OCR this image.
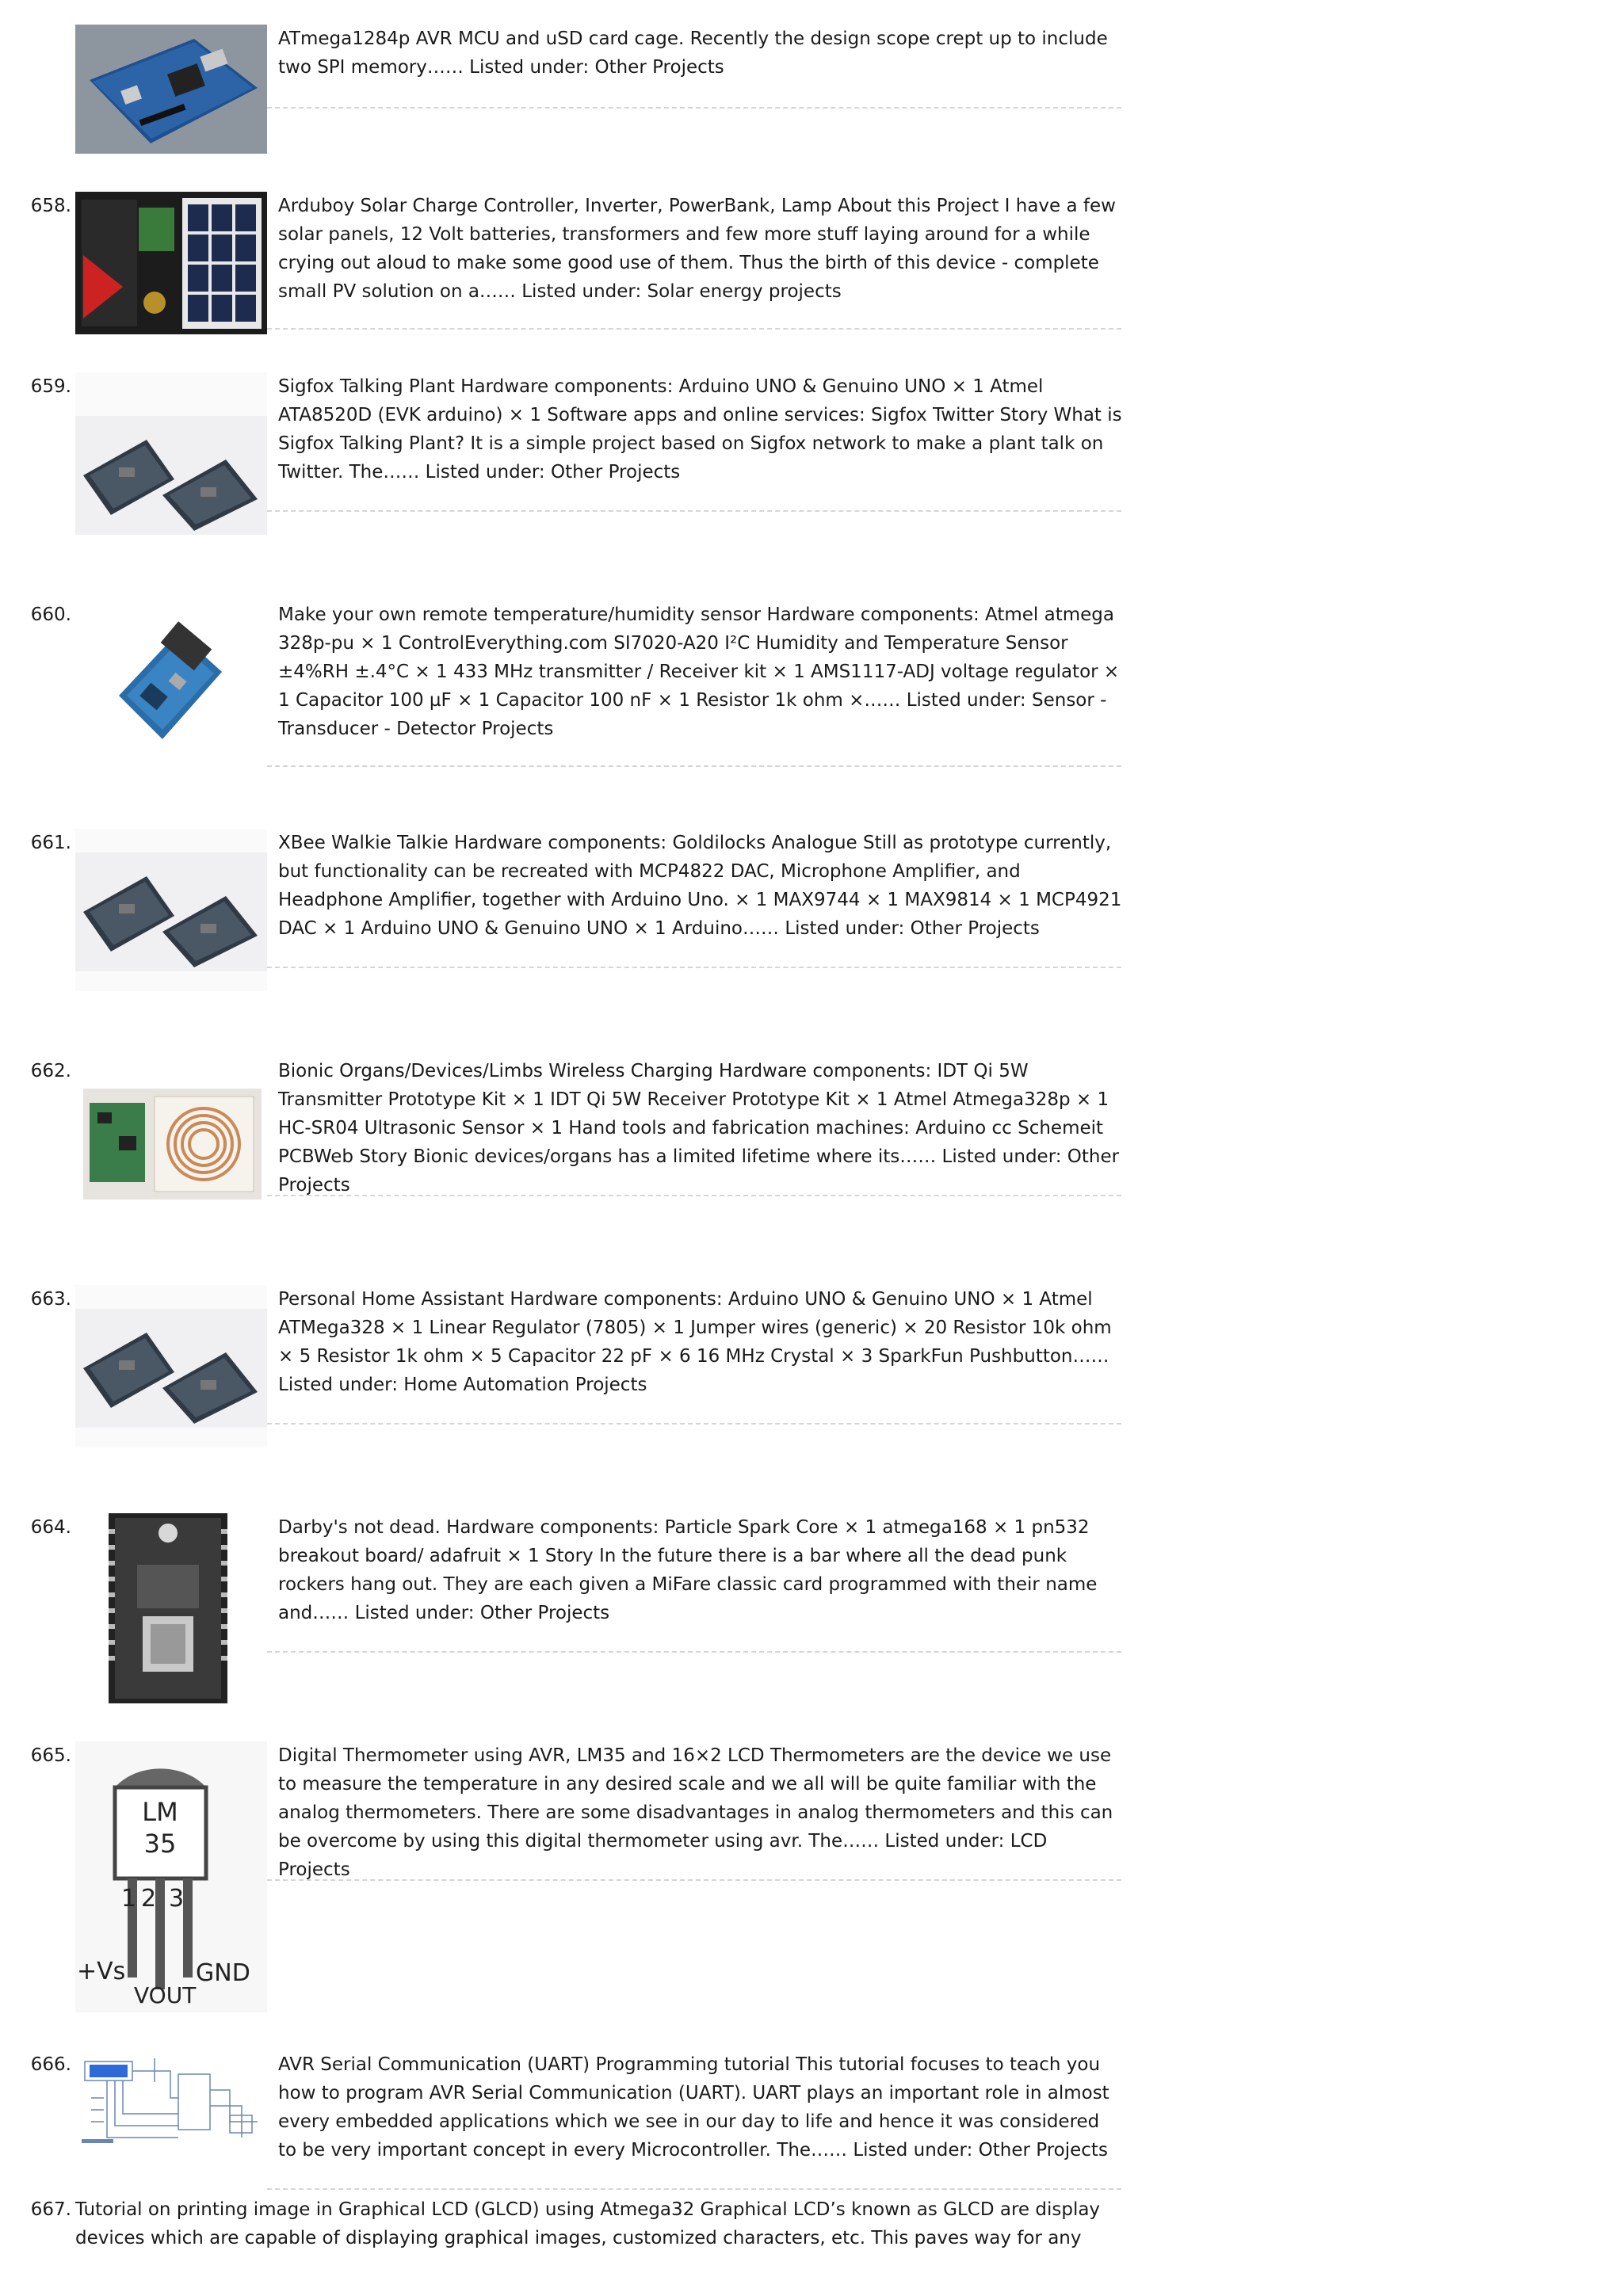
ATmega1284p AVR MCU and uSD card cage. Recently the design scope crept up to include two SPI memory…… Listed under: Other Projects
658.	Arduboy Solar Charge Controller, Inverter, PowerBank, Lamp About this Project I have a few solar panels, 12 Volt batteries, transformers and few more stuff laying around for a while crying out aloud to make some good use of them. Thus the birth of this device - complete small PV solution on a…… Listed under: Solar energy projects
659.	Sigfox Talking Plant Hardware components: Arduino UNO & Genuino UNO × 1 Atmel ATA8520D (EVK arduino) × 1 Software apps and online services: Sigfox Twitter Story What is Sigfox Talking Plant? It is a simple project based on Sigfox network to make a plant talk on Twitter. The…… Listed under: Other Projects
660.	Make your own remote temperature/humidity sensor Hardware components: Atmel atmega 328p-pu × 1 ControlEverything.com SI7020-A20 I²C Humidity and Temperature Sensor ±4%RH ±.4°C × 1 433 MHz transmitter / Receiver kit × 1 AMS1117-ADJ voltage regulator × 1 Capacitor 100 µF × 1 Capacitor 100 nF × 1 Resistor 1k ohm ×…… Listed under: Sensor - Transducer - Detector Projects
661.	XBee Walkie Talkie Hardware components: Goldilocks Analogue Still as prototype currently, but functionality can be recreated with MCP4822 DAC, Microphone Amplifier, and Headphone Amplifier, together with Arduino Uno. × 1 MAX9744 × 1 MAX9814 × 1 MCP4921 DAC × 1 Arduino UNO & Genuino UNO × 1 Arduino…… Listed under: Other Projects
662.	Bionic Organs/Devices/Limbs Wireless Charging Hardware components: IDT Qi 5W Transmitter Prototype Kit × 1 IDT Qi 5W Receiver Prototype Kit × 1 Atmel Atmega328p × 1 HC-SR04 Ultrasonic Sensor × 1 Hand tools and fabrication machines: Arduino cc Schemeit PCBWeb Story Bionic devices/organs has a limited lifetime where its…… Listed under: Other Projects
663.	Personal Home Assistant Hardware components: Arduino UNO & Genuino UNO × 1 Atmel ATMega328 × 1 Linear Regulator (7805) × 1 Jumper wires (generic) × 20 Resistor 10k ohm × 5 Resistor 1k ohm × 5 Capacitor 22 pF × 6 16 MHz Crystal × 3 SparkFun Pushbutton…… Listed under: Home Automation Projects
664.	Darby's not dead. Hardware components: Particle Spark Core × 1 atmega168 × 1 pn532 breakout board/ adafruit × 1 Story In the future there is a bar where all the dead punk rockers hang out. They are each given a MiFare classic card programmed with their name and…… Listed under: Other Projects
665.
LM
35
1 2 3
+Vs
VOUT
GND
Digital Thermometer using AVR, LM35 and 16×2 LCD Thermometers are the device we use to measure the temperature in any desired scale and we all will be quite familiar with the analog thermometers. There are some disadvantages in analog thermometers and this can be overcome by using this digital thermometer using avr. The…… Listed under: LCD Projects
666.	AVR Serial Communication (UART) Programming tutorial This tutorial focuses to teach you how to program AVR Serial Communication (UART). UART plays an important role in almost every embedded applications which we see in our day to life and hence it was considered to be very important concept in every Microcontroller. The…… Listed under: Other Projects
667. Tutorial on printing image in Graphical LCD (GLCD) using Atmega32 Graphical LCD’s known as GLCD are display devices which are capable of displaying graphical images, customized characters, etc. This paves way for any
